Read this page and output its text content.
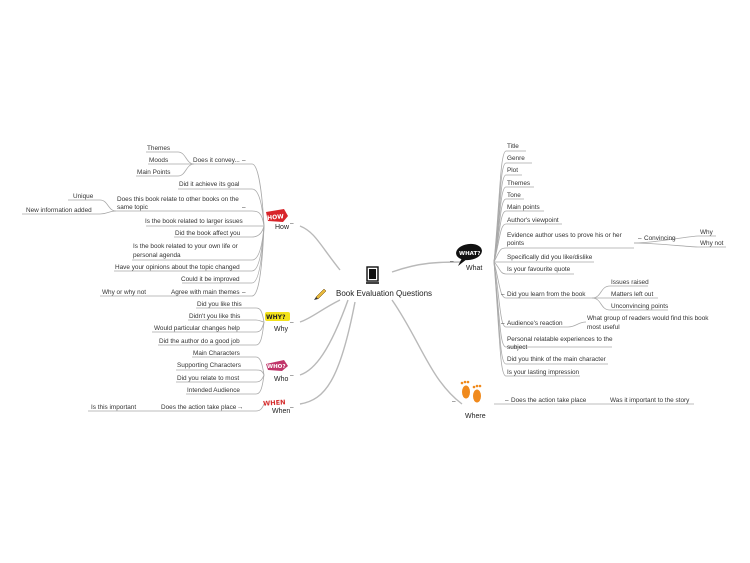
Book Evaluation Questions
WHAT?
What
–
Title
Genre
Plot
Themes
Tone
Main points
Author's viewpoint
Evidence author uses to prove his or her
points
Specifically did you like/dislike
Is your favourite quote
– Did you learn from the book
– Audience's reaction
Personal relatable experiences to the
subject
Did you think of the main character
Is your lasting impression
– Convincing
Why
Why not
Issues raised
Matters left out
Unconvincing points
What group of readers would find this book
most useful
Where
–	– Does the action take place	Was it important to the story
HOW
How
–
Does it convey... –
Did it achieve its goal
Does this book relate to other books on the
same topic	–
Is the book related to larger issues
Did the book affect you
Is the book related to your own life or
personal agenda
Have your opinions about the topic changed
Could it be improved
Agree with main themes –
Themes
Moods
Main Points
Unique
New information added
Why or why not
WHY?
Why
–
Did you like this
Didn't you like this
Would particular changes help
Did the author do a good job
WHO?
Who
–
Main Characters
Supporting Characters
Did you relate to most
Intended Audience
WHEN
When
–
Does the action take place →
Is this important
